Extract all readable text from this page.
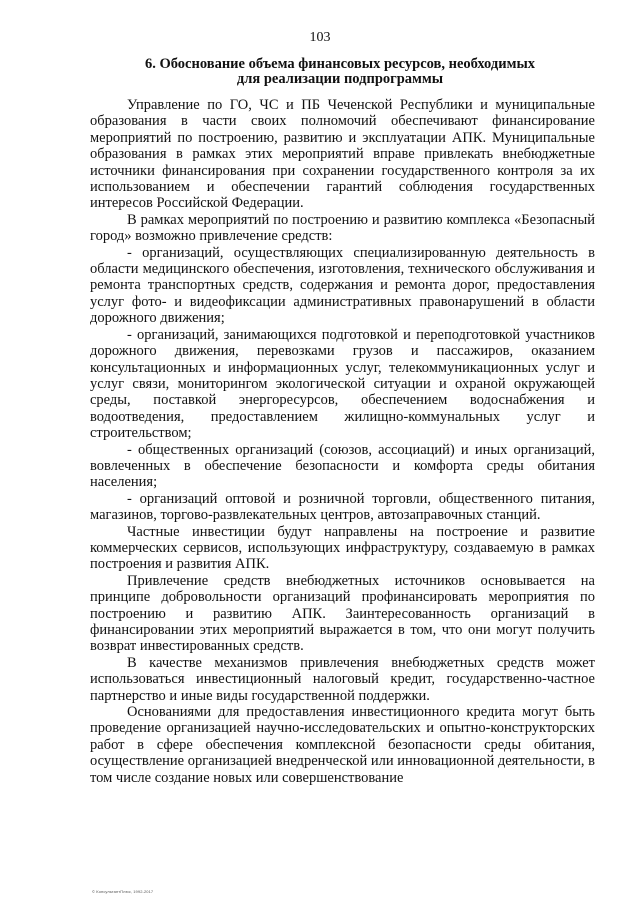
103
6. Обоснование объема финансовых ресурсов, необходимых
для реализации подпрограммы

Управление по ГО, ЧС и ПБ Чеченской Республики и муниципальные образования в части своих полномочий обеспечивают финансирование мероприятий по построению, развитию и эксплуатации АПК. Муниципальные образования в рамках этих мероприятий вправе привлекать внебюджетные источники финансирования при сохранении государственного контроля за их использованием и обеспечении гарантий соблюдения государственных интересов Российской Федерации.

В рамках мероприятий по построению и развитию комплекса «Безопасный город» возможно привлечение средств:

- организаций, осуществляющих специализированную деятельность в области медицинского обеспечения, изготовления, технического обслуживания и ремонта транспортных средств, содержания и ремонта дорог, предоставления услуг фото- и видеофиксации административных правонарушений в области дорожного движения;

- организаций, занимающихся подготовкой и переподготовкой участников дорожного движения, перевозками грузов и пассажиров, оказанием консультационных и информационных услуг, телекоммуникационных услуг и услуг связи, мониторингом экологической ситуации и охраной окружающей среды, поставкой энергоресурсов, обеспечением водоснабжения и водоотведения, предоставлением жилищно-коммунальных услуг и строительством;

- общественных организаций (союзов, ассоциаций) и иных организаций, вовлеченных в обеспечение безопасности и комфорта среды обитания населения;

- организаций оптовой и розничной торговли, общественного питания, магазинов, торгово-развлекательных центров, автозаправочных станций.

Частные инвестиции будут направлены на построение и развитие коммерческих сервисов, использующих инфраструктуру, создаваемую в рамках построения и развития АПК.

Привлечение средств внебюджетных источников основывается на принципе добровольности организаций профинансировать мероприятия по построению и развитию АПК. Заинтересованность организаций в финансировании этих мероприятий выражается в том, что они могут получить возврат инвестированных средств.

В качестве механизмов привлечения внебюджетных средств может использоваться инвестиционный налоговый кредит, государственно-частное партнерство и иные виды государственной поддержки.

Основаниями для предоставления инвестиционного кредита могут быть проведение организацией научно-исследовательских и опытно-конструкторских работ в сфере обеспечения комплексной безопасности среды обитания, осуществление организацией внедренческой или инновационной деятельности, в том числе создание новых или совершенствование

© КонсультантПлюс, 1992-2017
